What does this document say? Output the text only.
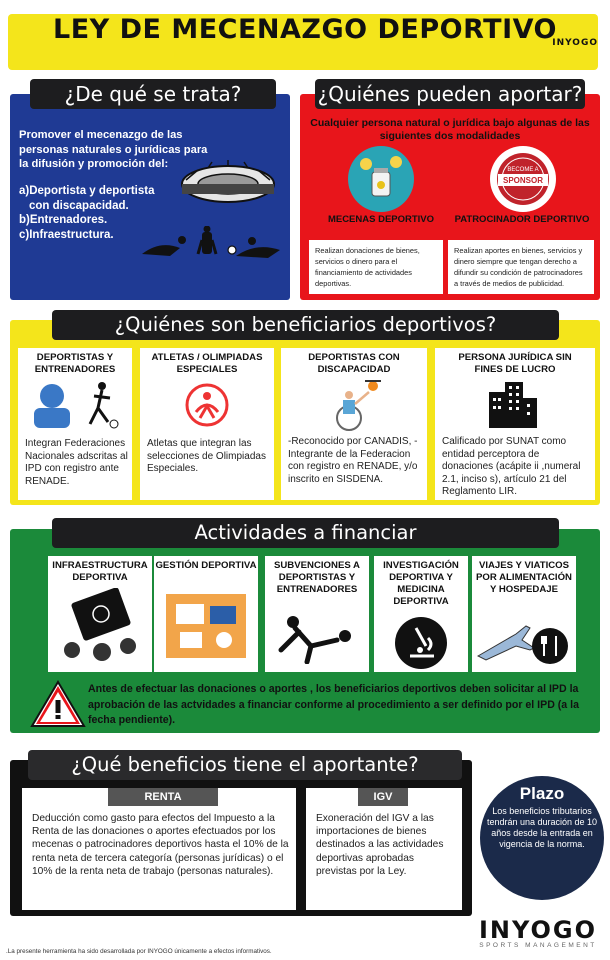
LEY DE MECENAZGO DEPORTIVO
INYOGO
¿De qué se trata?

Promover el mecenazgo de las personas naturales o jurídicas para la difusión y promoción del:

a)Deportista y deportista
con discapacidad.
b)Entrenadores.
c)Infraestructura.
¿Quiénes pueden aportar?
Cualquier persona natural o jurídica bajo algunas de las siguientes dos modalidades
BECOME A
SPONSOR
MECENAS DEPORTIVO	PATROCINADOR DEPORTIVO
Realizan donaciones de bienes, servicios o dinero para el financiamiento de actividades deportivas.
Realizan aportes en bienes, servicios y dinero siempre que tengan derecho a difundir su condición de patrocinadores a través de medios de publicidad.
¿Quiénes son beneficiarios deportivos?
DEPORTISTAS Y ENTRENADORES
Integran Federaciones Nacionales adscritas al IPD con registro ante RENADE.
ATLETAS / OLIMPIADAS ESPECIALES
Atletas que integran las selecciones de Olimpiadas Especiales.
DEPORTISTAS CON DISCAPACIDAD
-Reconocido por CANADIS, -Integrante de la Federacion con registro en RENADE, y/o inscrito en SISDENA.
PERSONA JURÍDICA SIN FINES DE LUCRO
Calificado por SUNAT como entidad perceptora de donaciones (acápite ii ,numeral 2.1, inciso s), artículo 21 del Reglamento LIR.
Actividades a financiar
INFRAESTRUCTURA DEPORTIVA
GESTIÓN DEPORTIVA	SUBVENCIONES A DEPORTISTAS Y ENTRENADORES
INVESTIGACIÓN DEPORTIVA Y MEDICINA DEPORTIVA
VIAJES Y VIATICOS POR ALIMENTACIÓN Y HOSPEDAJE
Antes de efectuar las donaciones o aportes , los beneficiarios deportivos deben solicitar al IPD la aprobación de las actvidades a financiar conforme al procedimiento a ser definido por el IPD (a la fecha pendiente).
¿Qué beneficios tiene el aportante?
RENTA
Deducción como gasto para efectos del Impuesto a la Renta de las donaciones o aportes efectuados por los mecenas o patrocinadores deportivos hasta el 10% de la renta neta de tercera categoría (personas jurídicas) o el 10% de la renta neta de trabajo (personas naturales).
IGV
Exoneración del IGV a las importaciones de bienes destinados a las actividades deportivas aprobadas previstas por la Ley.
Plazo
Los beneficios tributarios tendrán una duración de 10 años desde la entrada en vigencia de la norma.
INYOGO
SPORTS MANAGEMENT
.La presente herramienta ha sido desarrollada por INYOGO únicamente a efectos informativos.
